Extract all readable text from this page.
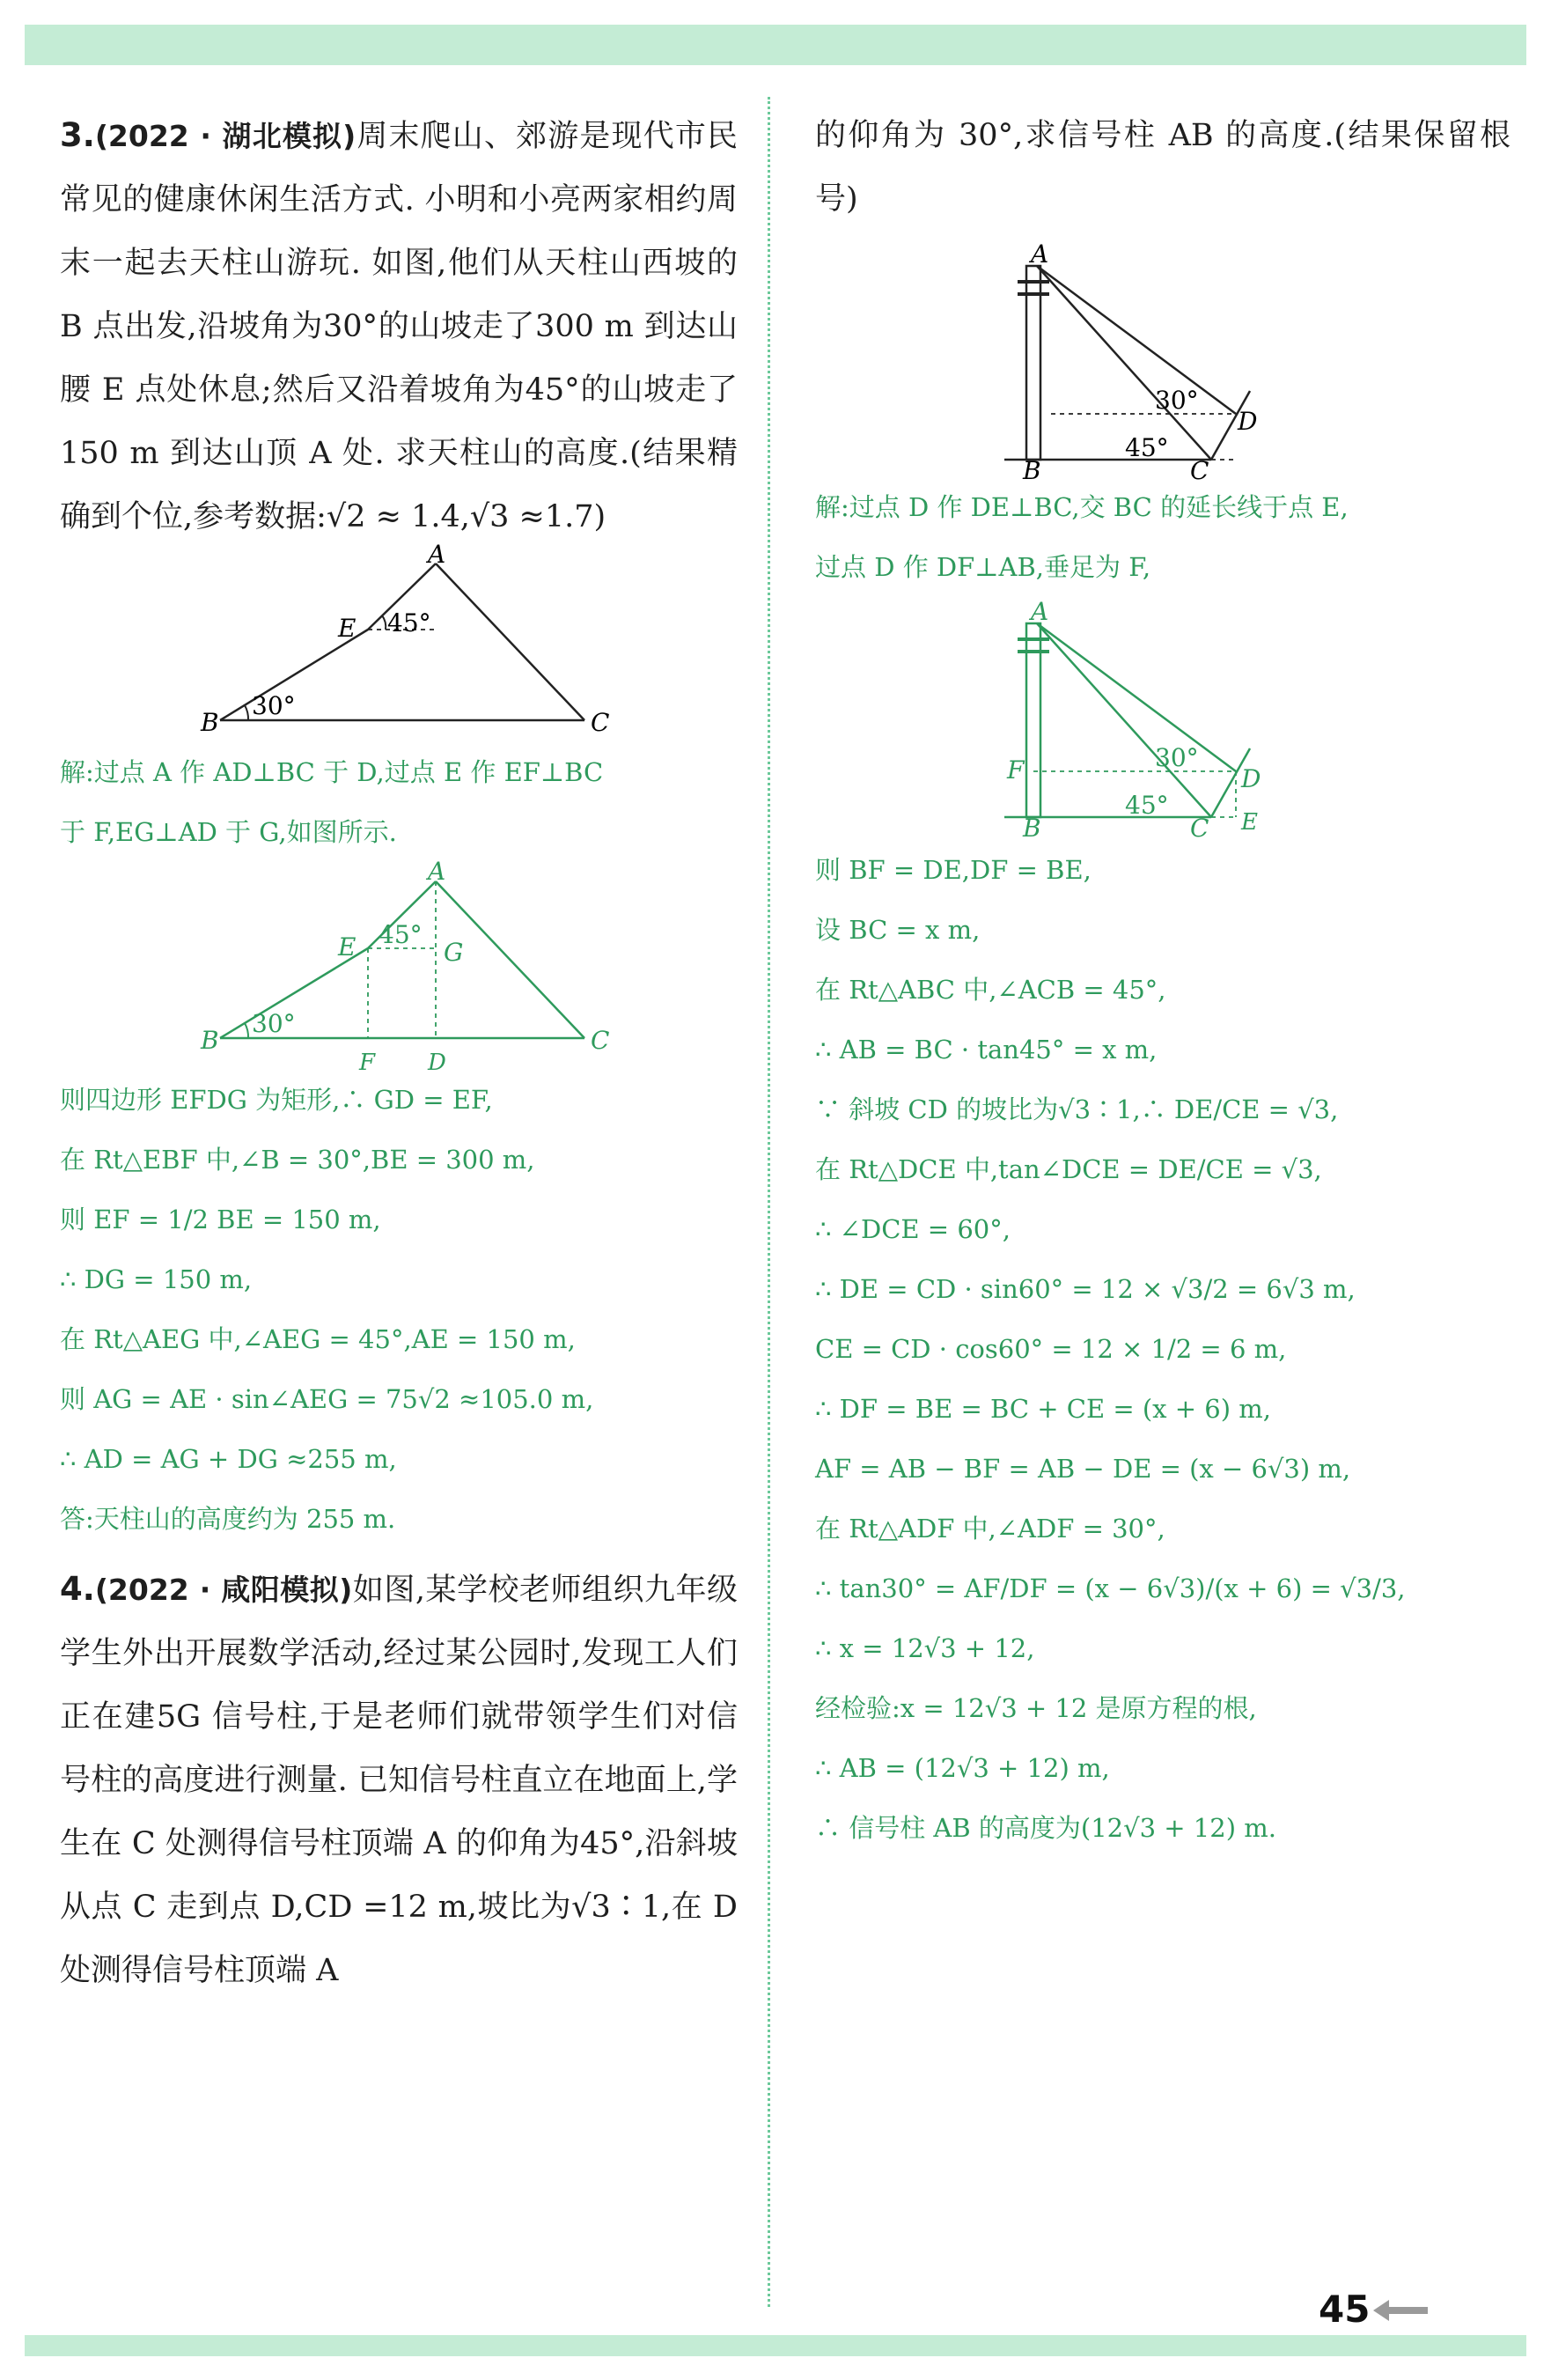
3.(2022 · 湖北模拟)周末爬山、郊游是现代市民常见的健康休闲生活方式. 小明和小亮两家相约周末一起去天柱山游玩. 如图,他们从天柱山西坡的 B 点出发,沿坡角为30°的山坡走了300 m 到达山腰 E 点处休息;然后又沿着坡角为45°的山坡走了150 m 到达山顶 A 处. 求天柱山的高度.(结果精确到个位,参考数据:√2 ≈ 1.4,√3 ≈1.7)
A
B	C
E
30°
45°

解:过点 A 作 AD⊥BC 于 D,过点 E 作 EF⊥BC

于 F,EG⊥AD 于 G,如图所示.

A
B	C
E
F D
G
30°
45°

则四边形 EFDG 为矩形,∴ GD = EF,

在 Rt△EBF 中,∠B = 30°,BE = 300 m,

则 EF = 1/2 BE = 150 m,

∴ DG = 150 m,

在 Rt△AEG 中,∠AEG = 45°,AE = 150 m,

则 AG = AE · sin∠AEG = 75√2 ≈105.0 m,

∴ AD = AG + DG ≈255 m,

答:天柱山的高度约为 255 m.

4.(2022 · 咸阳模拟)如图,某学校老师组织九年级学生外出开展数学活动,经过某公园时,发现工人们正在建5G 信号柱,于是老师们就带领学生们对信号柱的高度进行测量. 已知信号柱直立在地面上,学生在 C 处测得信号柱顶端 A 的仰角为45°,沿斜坡从点 C 走到点 D,CD =12 m,坡比为√3∶1,在 D 处测得信号柱顶端 A
的仰角为 30°,求信号柱 AB 的高度.(结果保留根号)
A
B	C
D
30°
45°

解:过点 D 作 DE⊥BC,交 BC 的延长线于点 E,

过点 D 作 DF⊥AB,垂足为 F,

A
F
B	C
D
E
30°
45°

则 BF = DE,DF = BE,

设 BC = x m,

在 Rt△ABC 中,∠ACB = 45°,

∴ AB = BC · tan45° = x m,

∵ 斜坡 CD 的坡比为√3∶1,∴ DE/CE = √3,

在 Rt△DCE 中,tan∠DCE = DE/CE = √3,

∴ ∠DCE = 60°,

∴ DE = CD · sin60° = 12 × √3/2 = 6√3 m,

CE = CD · cos60° = 12 × 1/2 = 6 m,

∴ DF = BE = BC + CE = (x + 6) m,

AF = AB − BF = AB − DE = (x − 6√3) m,

在 Rt△ADF 中,∠ADF = 30°,

∴ tan30° = AF/DF = (x − 6√3)/(x + 6) = √3/3,

∴ x = 12√3 + 12,

经检验:x = 12√3 + 12 是原方程的根,

∴ AB = (12√3 + 12) m,

∴ 信号柱 AB 的高度为(12√3 + 12) m.

45
